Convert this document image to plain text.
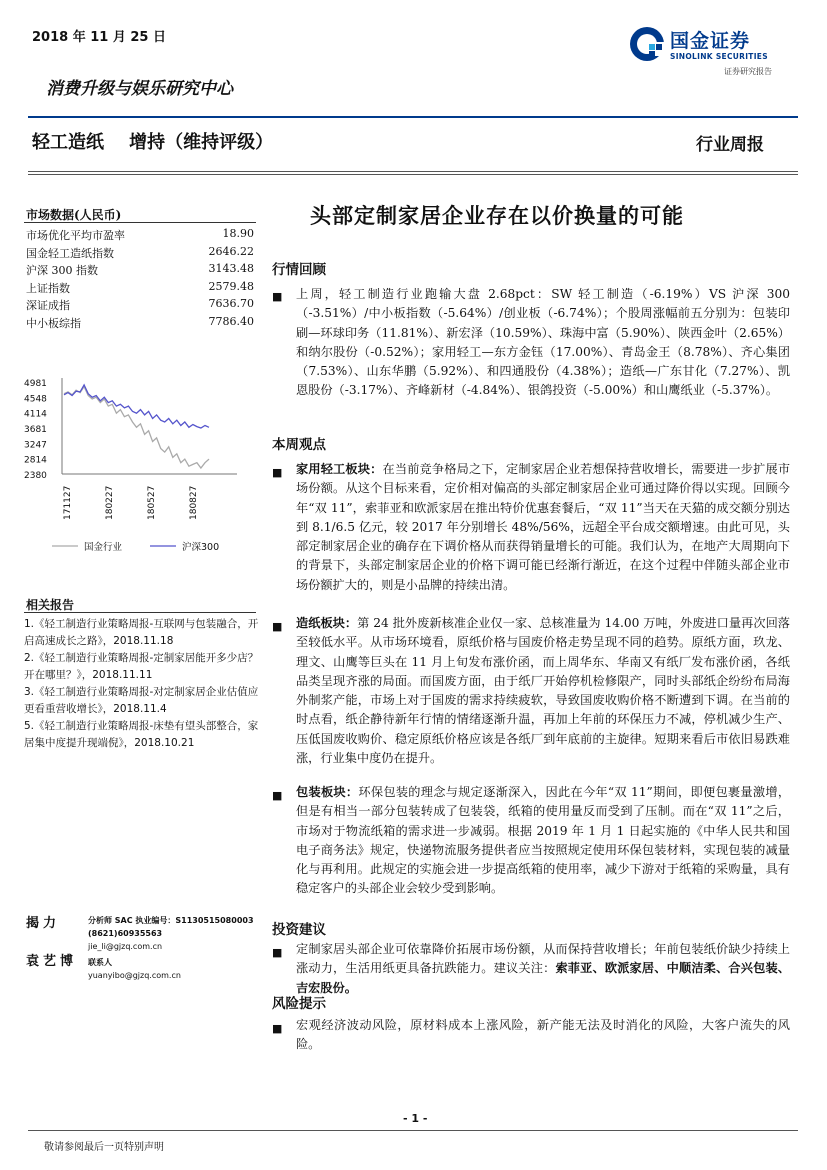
2018 年 11 月 25 日	国金证券
SINOLINK SECURITIES
证券研究报告
消费升级与娱乐研究中心
轻工造纸    增持（维持评级）	行业周报
市场数据(人民币)
市场优化平均市盈率	18.90
国金轻工造纸指数	2646.22
沪深 300 指数	3143.48
上证指数	2579.48
深证成指	7636.70
中小板综指	7786.40
4981
4548
4114
3681
3247
2814
2380
171127	180227	180527	180827
国金行业	沪深300
相关报告
1.《轻工制造行业策略周报-互联网与包装融合，开启高速成长之路》，2018.11.18
2.《轻工制造行业策略周报-定制家居能开多少店？开在哪里？》，2018.11.11
3.《轻工制造行业策略周报-对定制家居企业估值应更看重营收增长》，2018.11.4
5.《轻工制造行业策略周报-床垫有望头部整合，家居集中度提升现端倪》，2018.10.21
揭力	分析师 SAC 执业编号：S1130515080003
(8621)60935563
jie_li@gjzq.com.cn
袁艺博 联系人
yuanyibo@gjzq.com.cn
头部定制家居企业存在以价换量的可能
行情回顾
■ 上周，轻工制造行业跑输大盘 2.68pct：SW 轻工制造（-6.19%）VS 沪深 300（-3.51%）/中小板指数（-5.64%）/创业板（-6.74%）；个股周涨幅前五分别为：包装印刷—环球印务（11.81%）、新宏泽（10.59%）、珠海中富（5.90%）、陕西金叶（2.65%）和纳尔股份（-0.52%）；家用轻工—东方金钰（17.00%）、青岛金王（8.78%）、齐心集团（7.53%）、山东华鹏（5.92%）、和四通股份（4.38%）；造纸—广东甘化（7.27%）、凯恩股份（-3.17%）、齐峰新材（-4.84%）、银鸽投资（-5.00%）和山鹰纸业（-5.37%）。
本周观点
■ 家用轻工板块：在当前竞争格局之下，定制家居企业若想保持营收增长，需要进一步扩展市场份额。从这个目标来看，定价相对偏高的头部定制家居企业可通过降价得以实现。回顾今年“双 11”，索菲亚和欧派家居在推出特价优惠套餐后，“双 11”当天在天猫的成交额分别达到 8.1/6.5 亿元，较 2017 年分别增长 48%/56%，远超全平台成交额增速。由此可见，头部定制家居企业的确存在下调价格从而获得销量增长的可能。我们认为，在地产大周期向下的背景下，头部定制家居企业的价格下调可能已经渐行渐近，在这个过程中伴随头部企业市场份额扩大的，则是小品牌的持续出清。
■ 造纸板块：第 24 批外废新核准企业仅一家、总核准量为 14.00 万吨，外废进口量再次回落至较低水平。从市场环境看，原纸价格与国废价格走势呈现不同的趋势。原纸方面，玖龙、理文、山鹰等巨头在 11 月上旬发布涨价函，而上周华东、华南又有纸厂发布涨价函，各纸品类呈现齐涨的局面。而国废方面，由于纸厂开始停机检修限产，同时头部纸企纷纷布局海外制浆产能，市场上对于国废的需求持续疲软，导致国废收购价格不断遭到下调。在当前的时点看，纸企静待新年行情的情绪逐渐升温，再加上年前的环保压力不减，停机减少生产、压低国废收购价、稳定原纸价格应该是各纸厂到年底前的主旋律。短期来看后市依旧易跌难涨，行业集中度仍在提升。
■ 包装板块：环保包装的理念与规定逐渐深入，因此在今年“双 11”期间，即便包裹量激增，但是有相当一部分包装转成了包装袋，纸箱的使用量反而受到了压制。而在“双 11”之后，市场对于物流纸箱的需求进一步减弱。根据 2019 年 1 月 1 日起实施的《中华人民共和国电子商务法》规定，快递物流服务提供者应当按照规定使用环保包装材料，实现包装的减量化与再利用。此规定的实施会进一步提高纸箱的使用率，减少下游对于纸箱的采购量，具有稳定客户的头部企业会较少受到影响。
投资建议
■ 定制家居头部企业可依靠降价拓展市场份额，从而保持营收增长；年前包装纸价缺少持续上涨动力，生活用纸更具备抗跌能力。建议关注：索菲亚、欧派家居、中顺洁柔、合兴包装、吉宏股份。
风险提示
■ 宏观经济波动风险，原材料成本上涨风险，新产能无法及时消化的风险，大客户流失的风险。
- 1 -
敬请参阅最后一页特别声明
